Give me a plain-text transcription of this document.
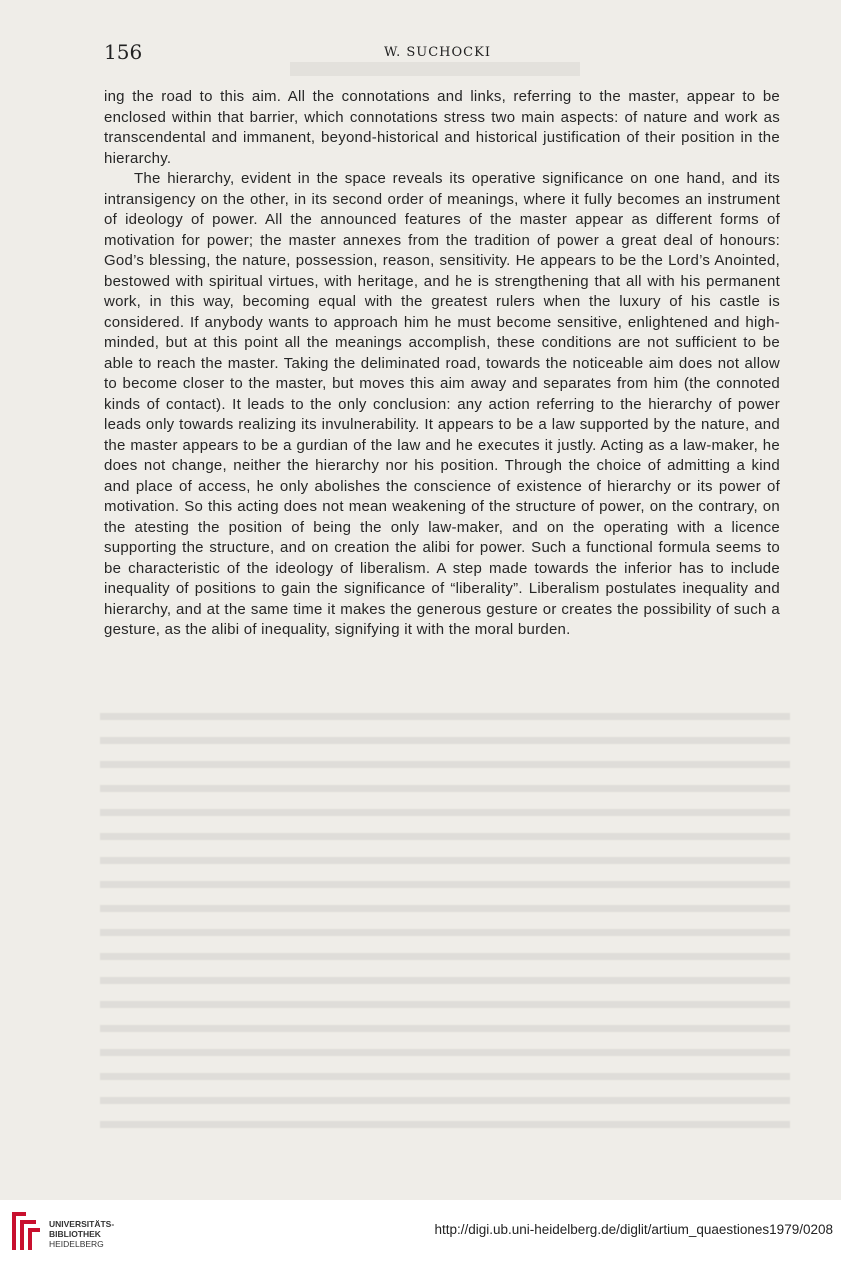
156	W. SUCHOCKI

ing the road to this aim. All the connotations and links, referring to the master, appear to be enclosed within that barrier, which connotations stress two main aspects: of nature and work as transcendental and immanent, beyond-historical and historical justification of their position in the hierarchy.

The hierarchy, evident in the space reveals its operative significance on one hand, and its intransigency on the other, in its second order of meanings, where it fully becomes an instrument of ideology of power. All the announced features of the master appear as different forms of motivation for power; the master annexes from the tradition of power a great deal of honours: God’s blessing, the nature, possession, reason, sensitivity. He appears to be the Lord’s Anointed, bestowed with spiritual virtues, with heritage, and he is strengthening that all with his permanent work, in this way, becoming equal with the greatest rulers when the luxury of his castle is considered. If anybody wants to approach him he must become sensitive, enlightened and high-minded, but at this point all the meanings accomplish, these conditions are not sufficient to be able to reach the master. Taking the deliminated road, towards the noticeable aim does not allow to become closer to the master, but moves this aim away and separates from him (the connoted kinds of contact). It leads to the only conclusion: any action referring to the hierarchy of power leads only towards realizing its invulnerability. It appears to be a law supported by the nature, and the master appears to be a gurdian of the law and he executes it justly. Acting as a law-maker, he does not change, neither the hierarchy nor his position. Through the choice of admitting a kind and place of access, he only abolishes the conscience of existence of hierarchy or its power of motivation. So this acting does not mean weakening of the structure of power, on the contrary, on the atesting the position of being the only law-maker, and on the operating with a licence supporting the structure, and on creation the alibi for power. Such a functional formula seems to be characteristic of the ideology of liberalism. A step made towards the inferior has to include inequality of positions to gain the significance of “liberality”. Liberalism postulates inequality and hierarchy, and at the same time it makes the generous gesture or creates the possibility of such a gesture, as the alibi of inequality, signifying it with the moral burden.

UNIVERSITÄTS-
BIBLIOTHEK
HEIDELBERG
http://digi.ub.uni-heidelberg.de/diglit/artium_quaestiones1979/0208
